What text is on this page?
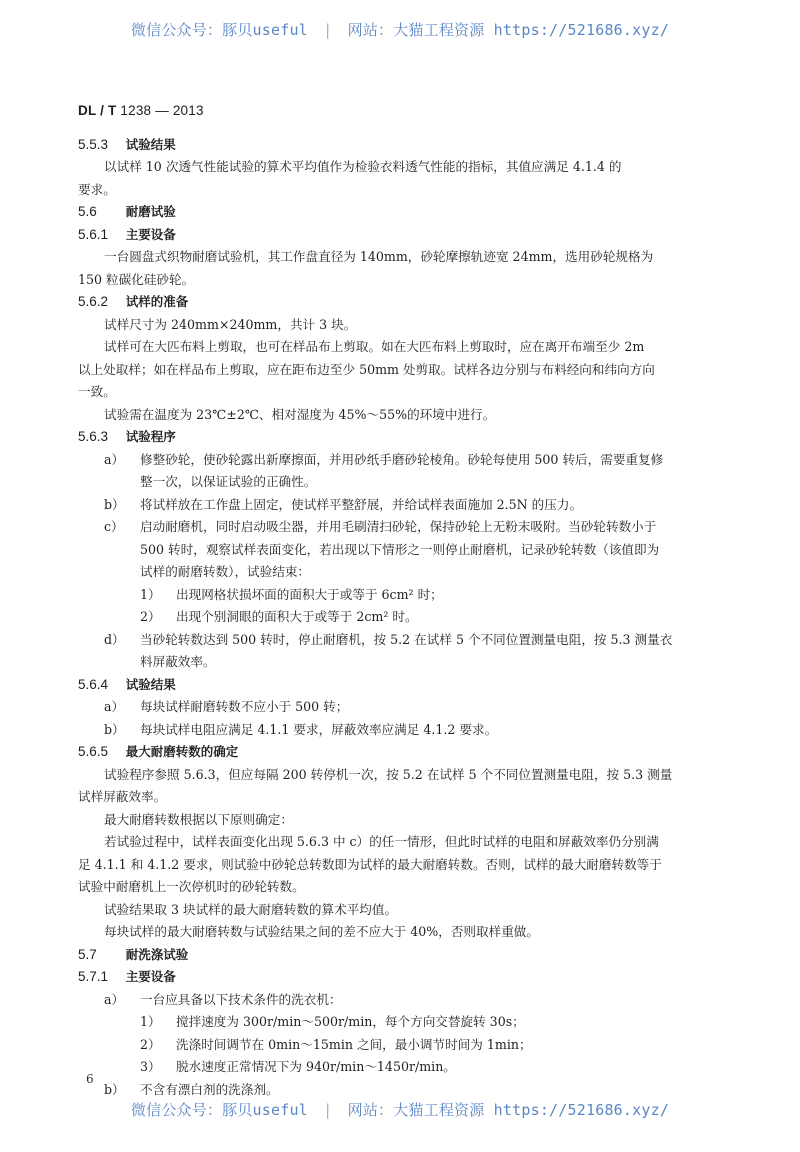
微信公众号：豚贝useful | 网站：大猫工程资源 https://521686.xyz/
DL / T 1238 — 2013
5.5.3 试验结果
以试样 10 次透气性能试验的算术平均值作为检验衣料透气性能的指标，其值应满足 4.1.4 的
要求。
5.6 耐磨试验
5.6.1 主要设备
一台圆盘式织物耐磨试验机，其工作盘直径为 140mm，砂轮摩擦轨迹宽 24mm，选用砂轮规格为
150 粒碳化硅砂轮。
5.6.2 试样的准备
试样尺寸为 240mm×240mm，共计 3 块。
试样可在大匹布料上剪取，也可在样品布上剪取。如在大匹布料上剪取时，应在离开布端至少 2m
以上处取样；如在样品布上剪取，应在距布边至少 50mm 处剪取。试样各边分别与布料经向和纬向方向
一致。
试验需在温度为 23℃±2℃、相对湿度为 45%～55%的环境中进行。
5.6.3 试验程序
a）	修整砂轮，使砂轮露出新摩擦面，并用砂纸手磨砂轮棱角。砂轮每使用 500 转后，需要重复修
整一次，以保证试验的正确性。
b）	将试样放在工作盘上固定，使试样平整舒展，并给试样表面施加 2.5N 的压力。
c）	启动耐磨机，同时启动吸尘器，并用毛刷清扫砂轮，保持砂轮上无粉末吸附。当砂轮转数小于
500 转时，观察试样表面变化，若出现以下情形之一则停止耐磨机，记录砂轮转数（该值即为
试样的耐磨转数），试验结束：
1）	出现网格状损坏面的面积大于或等于 6cm² 时；
2）	出现个别洞眼的面积大于或等于 2cm² 时。
d）	当砂轮转数达到 500 转时，停止耐磨机，按 5.2 在试样 5 个不同位置测量电阻，按 5.3 测量衣
料屏蔽效率。
5.6.4 试验结果
a）	每块试样耐磨转数不应小于 500 转；
b）	每块试样电阻应满足 4.1.1 要求，屏蔽效率应满足 4.1.2 要求。
5.6.5 最大耐磨转数的确定
试验程序参照 5.6.3，但应每隔 200 转停机一次，按 5.2 在试样 5 个不同位置测量电阻，按 5.3 测量
试样屏蔽效率。
最大耐磨转数根据以下原则确定：
若试验过程中，试样表面变化出现 5.6.3 中 c）的任一情形，但此时试样的电阻和屏蔽效率仍分别满
足 4.1.1 和 4.1.2 要求，则试验中砂轮总转数即为试样的最大耐磨转数。否则，试样的最大耐磨转数等于
试验中耐磨机上一次停机时的砂轮转数。
试验结果取 3 块试样的最大耐磨转数的算术平均值。
每块试样的最大耐磨转数与试验结果之间的差不应大于 40%，否则取样重做。
5.7 耐洗涤试验
5.7.1 主要设备
a）	一台应具备以下技术条件的洗衣机：
1）	搅拌速度为 300r/min～500r/min，每个方向交替旋转 30s；
2）	洗涤时间调节在 0min～15min 之间，最小调节时间为 1min；
3）	脱水速度正常情况下为 940r/min～1450r/min。
b）	不含有漂白剂的洗涤剂。
6
微信公众号：豚贝useful | 网站：大猫工程资源 https://521686.xyz/
